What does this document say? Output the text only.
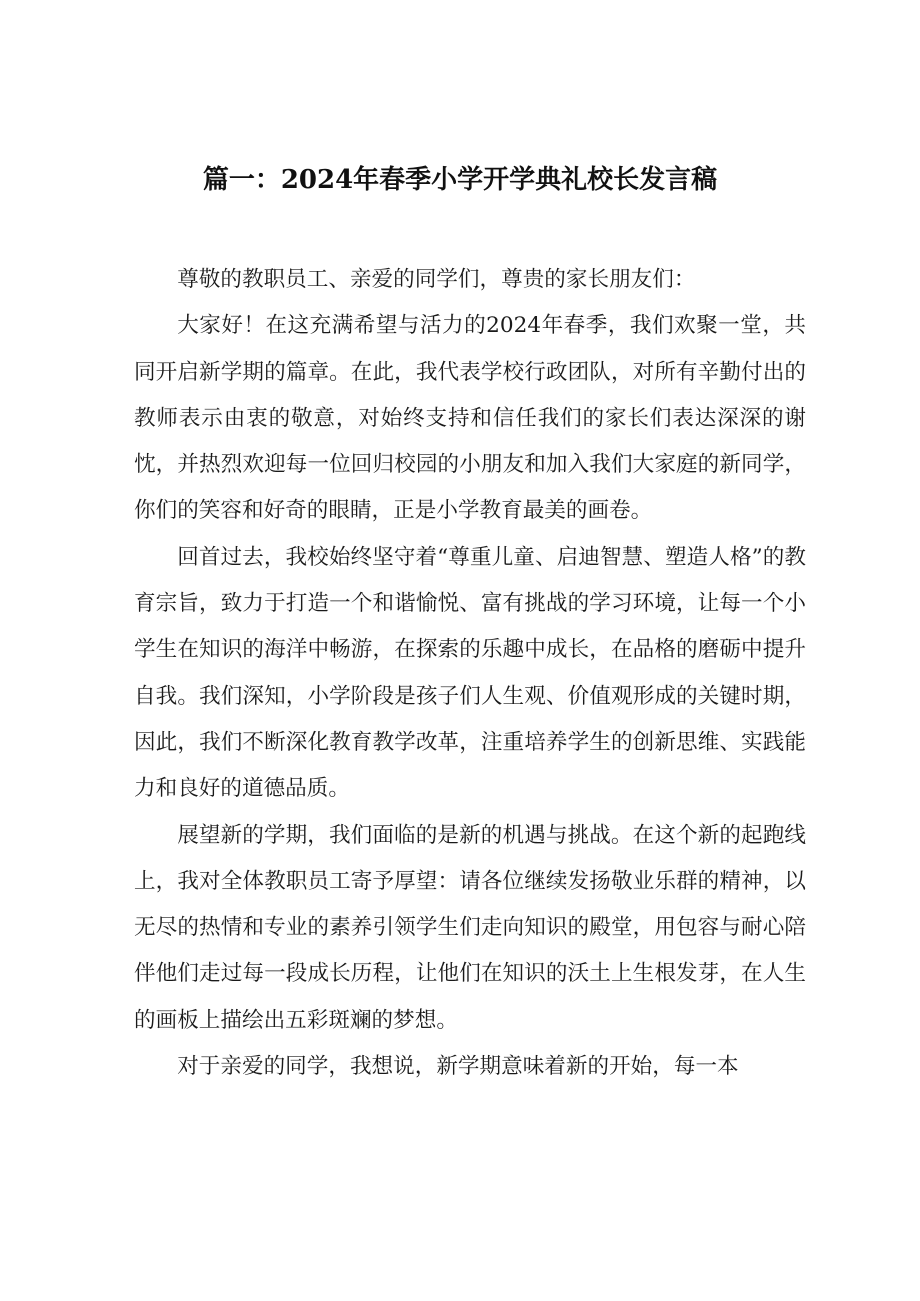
篇一：2024年春季小学开学典礼校长发言稿

尊敬的教职员工、亲爱的同学们，尊贵的家长朋友们：

大家好！在这充满希望与活力的2024年春季，我们欢聚一堂，共同开启新学期的篇章。在此，我代表学校行政团队，对所有辛勤付出的教师表示由衷的敬意，对始终支持和信任我们的家长们表达深深的谢忱，并热烈欢迎每一位回归校园的小朋友和加入我们大家庭的新同学，你们的笑容和好奇的眼睛，正是小学教育最美的画卷。

回首过去，我校始终坚守着“尊重儿童、启迪智慧、塑造人格”的教育宗旨，致力于打造一个和谐愉悦、富有挑战的学习环境，让每一个小学生在知识的海洋中畅游，在探索的乐趣中成长，在品格的磨砺中提升自我。我们深知，小学阶段是孩子们人生观、价值观形成的关键时期，因此，我们不断深化教育教学改革，注重培养学生的创新思维、实践能力和良好的道德品质。

展望新的学期，我们面临的是新的机遇与挑战。在这个新的起跑线上，我对全体教职员工寄予厚望：请各位继续发扬敬业乐群的精神，以无尽的热情和专业的素养引领学生们走向知识的殿堂，用包容与耐心陪伴他们走过每一段成长历程，让他们在知识的沃土上生根发芽，在人生的画板上描绘出五彩斑斓的梦想。

对于亲爱的同学，我想说，新学期意味着新的开始，每一本
